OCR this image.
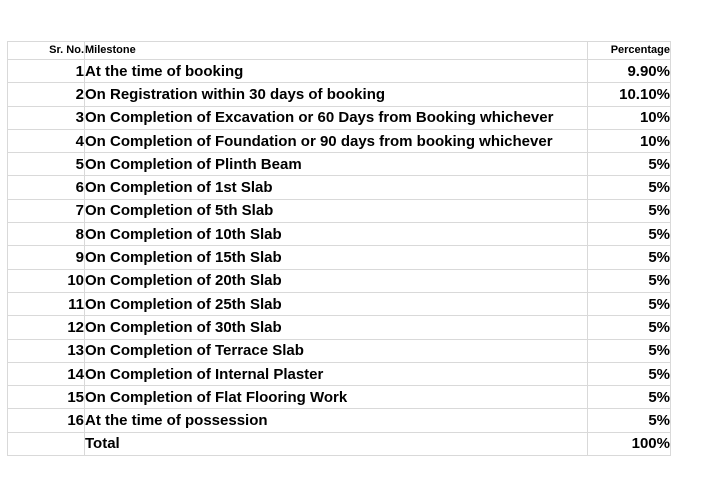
Sr. No.	Milestone	Percentage
1	At the time of booking	9.90%
2	On Registration within 30 days of booking	10.10%
3	On Completion of Excavation or 60 Days from Booking whichever	10%
4	On Completion of Foundation or 90 days from booking whichever	10%
5	On Completion of Plinth Beam	5%
6	On Completion of 1st Slab	5%
7	On Completion of 5th Slab	5%
8	On Completion of 10th Slab	5%
9	On Completion of 15th Slab	5%
10	On Completion of 20th Slab	5%
11	On Completion of 25th Slab	5%
12	On Completion of 30th Slab	5%
13	On Completion of Terrace Slab	5%
14	On Completion of Internal Plaster	5%
15	On Completion of Flat Flooring Work	5%
16	At the time of possession	5%
	Total	100%
